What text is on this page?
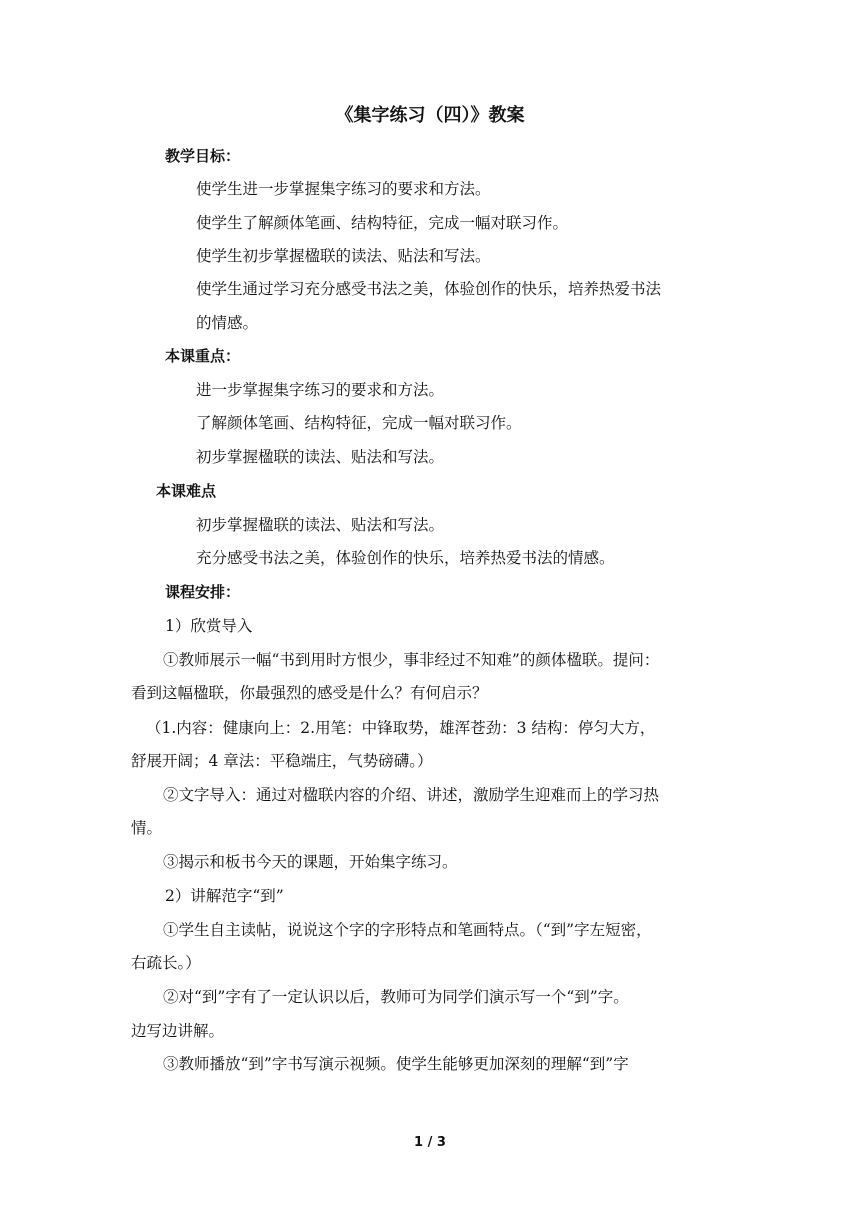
《集字练习（四）》教案
教学目标：
使学生进一步掌握集字练习的要求和方法。
使学生了解颜体笔画、结构特征，完成一幅对联习作。
使学生初步掌握楹联的读法、贴法和写法。
使学生通过学习充分感受书法之美，体验创作的快乐，培养热爱书法
的情感。
本课重点：
进一步掌握集字练习的要求和方法。
了解颜体笔画、结构特征，完成一幅对联习作。
初步掌握楹联的读法、贴法和写法。
本课难点
初步掌握楹联的读法、贴法和写法。
充分感受书法之美，体验创作的快乐，培养热爱书法的情感。
课程安排：
1）欣赏导入
①教师展示一幅“书到用时方恨少，事非经过不知难”的颜体楹联。提问：
看到这幅楹联，你最强烈的感受是什么？有何启示？
（1.内容：健康向上：2.用笔：中锋取势，雄浑苍劲：3 结构：停匀大方，
舒展开阔；4 章法：平稳端庄，气势磅礴。）
②文字导入：通过对楹联内容的介绍、讲述，激励学生迎难而上的学习热
情。
③揭示和板书今天的课题，开始集字练习。
2）讲解范字“到”
①学生自主读帖，说说这个字的字形特点和笔画特点。（“到”字左短密，
右疏长。）
②对“到”字有了一定认识以后，教师可为同学们演示写一个“到”字。
边写边讲解。
③教师播放“到”字书写演示视频。使学生能够更加深刻的理解“到”字
1 / 3
